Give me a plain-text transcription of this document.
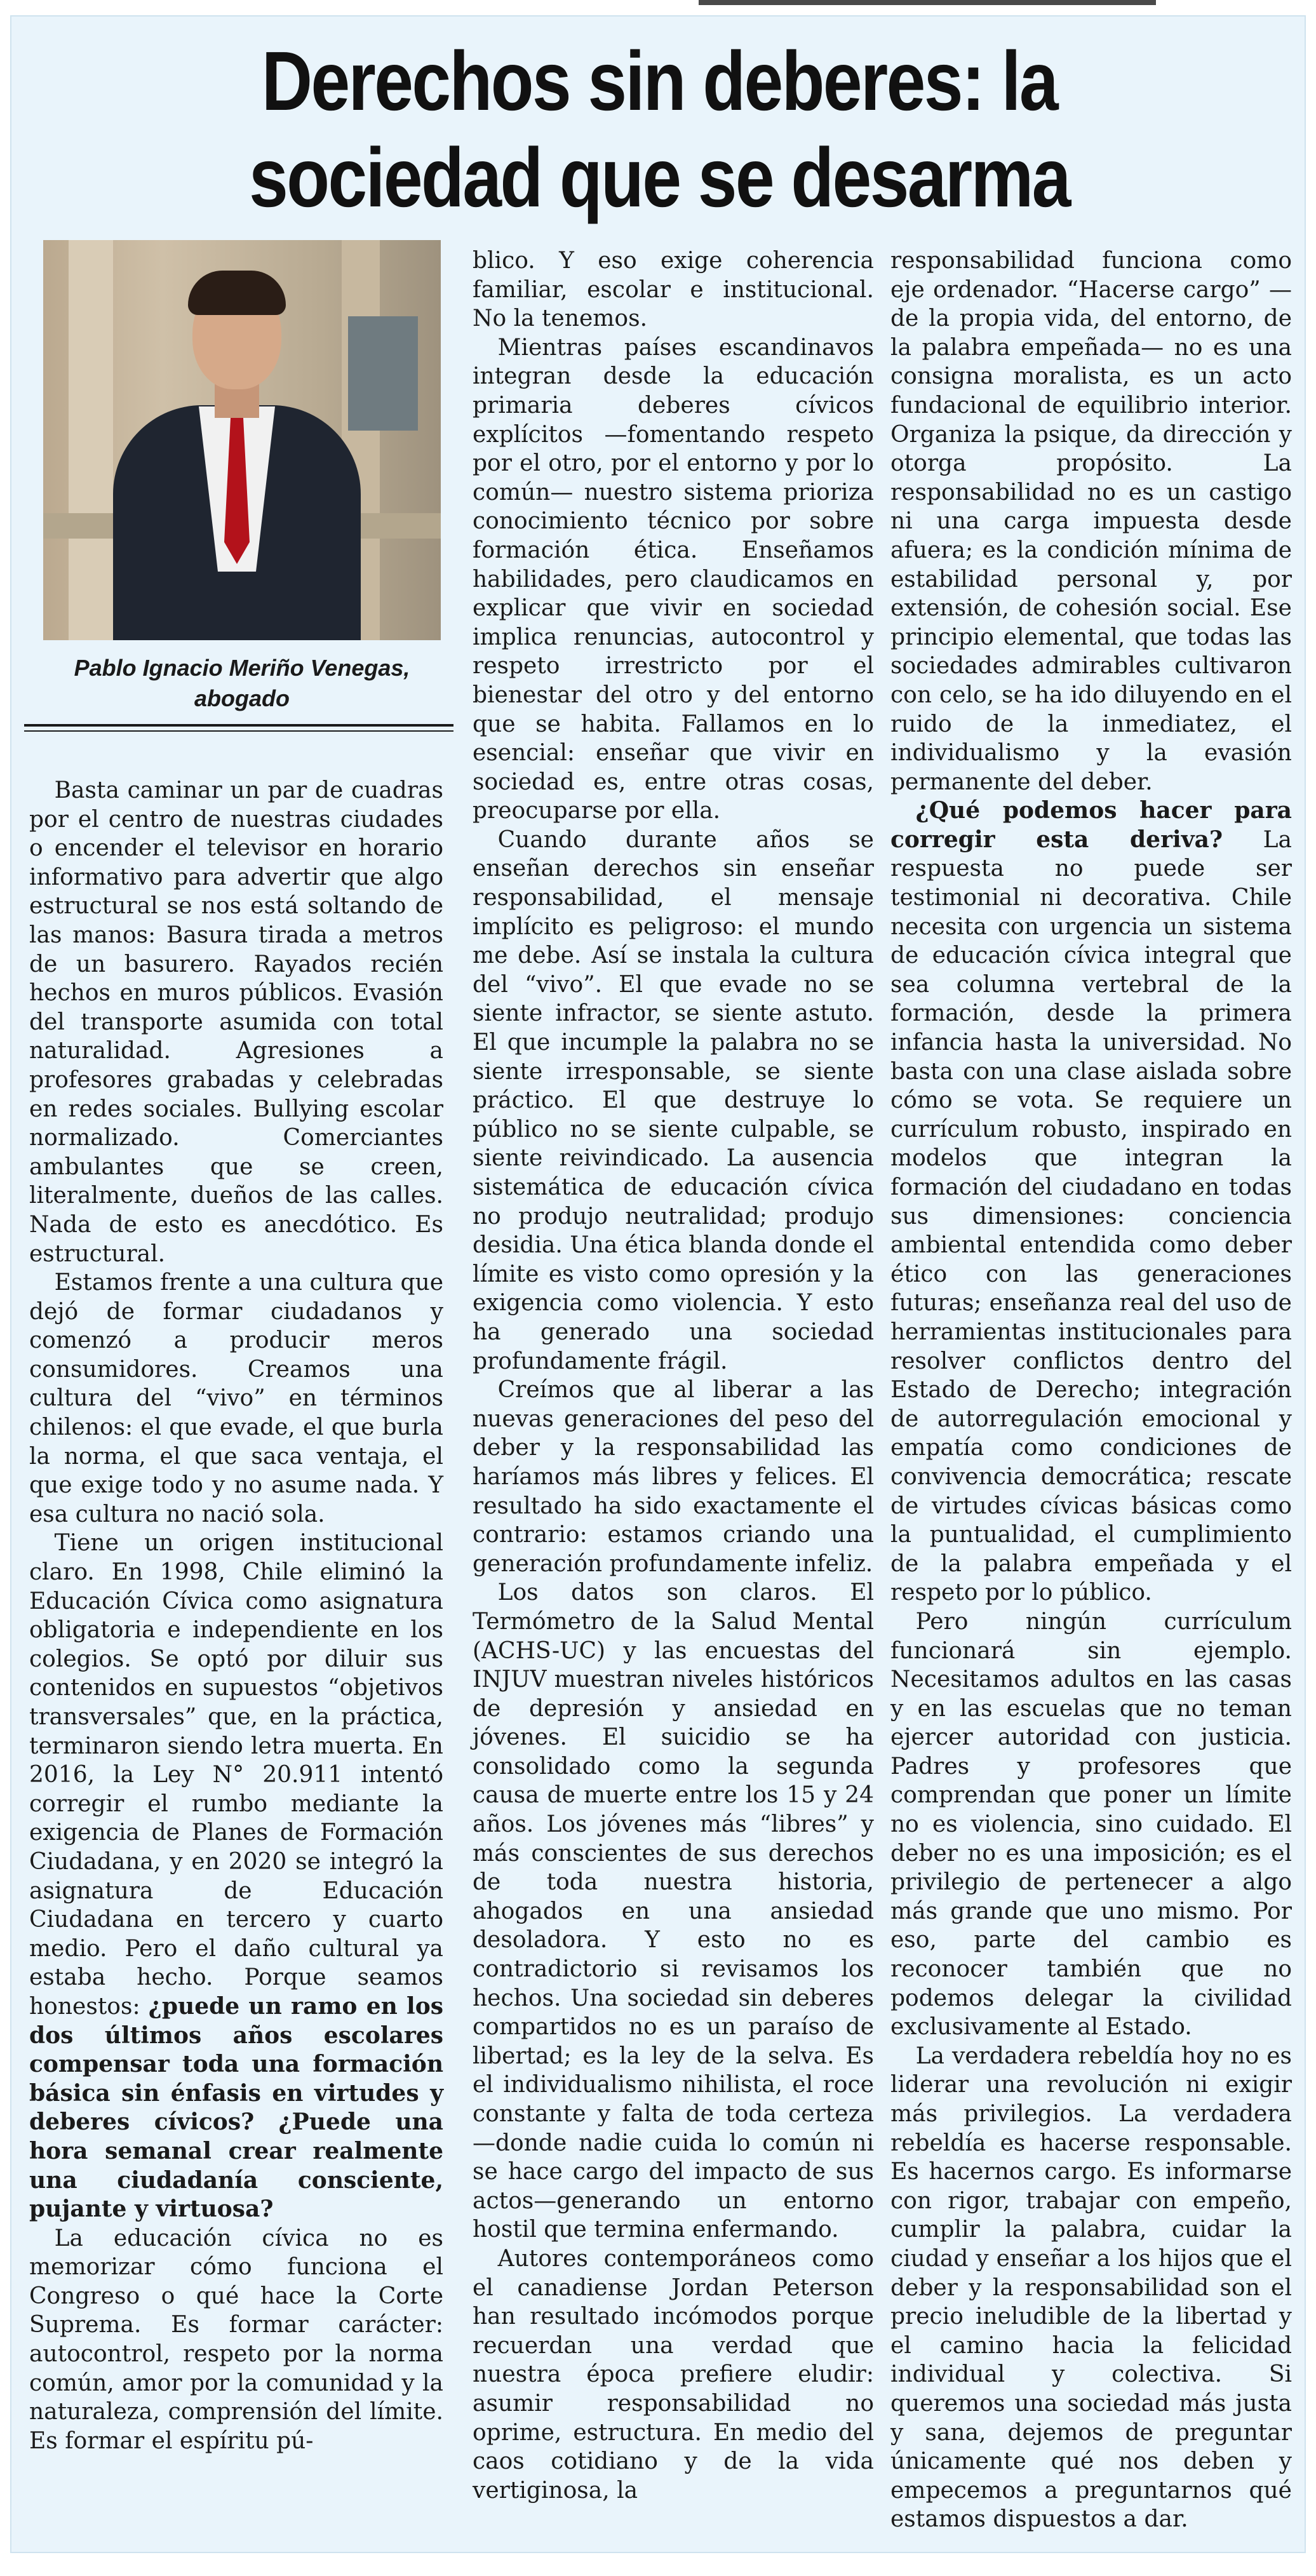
Derechos sin deberes: la sociedad que se desarma
Pablo Ignacio Meriño Venegas, abogado

Basta caminar un par de cuadras por el centro de nuestras ciudades o encender el televisor en horario informativo para advertir que algo estructural se nos está soltando de las manos: Basura tirada a metros de un basurero. Rayados recién hechos en muros públicos. Evasión del transporte asumida con total naturalidad. Agresiones a profesores grabadas y celebradas en redes sociales. Bullying escolar normalizado. Comerciantes ambulantes que se creen, literalmente, dueños de las calles. Nada de esto es anecdótico. Es estructural.

Estamos frente a una cultura que dejó de formar ciudadanos y comenzó a producir meros consumidores. Creamos una cultura del “vivo” en términos chilenos: el que evade, el que burla la norma, el que saca ventaja, el que exige todo y no asume nada. Y esa cultura no nació sola.

Tiene un origen institucional claro. En 1998, Chile eliminó la Educación Cívica como asignatura obligatoria e independiente en los colegios. Se optó por diluir sus contenidos en supuestos “objetivos transversales” que, en la práctica, terminaron siendo letra muerta. En 2016, la Ley N° 20.911 intentó corregir el rumbo mediante la exigencia de Planes de Formación Ciudadana, y en 2020 se integró la asignatura de Educación Ciudadana en tercero y cuarto medio. Pero el daño cultural ya estaba hecho. Porque seamos honestos: ¿puede un ramo en los dos últimos años escolares compensar toda una formación básica sin énfasis en virtudes y deberes cívicos? ¿Puede una hora semanal crear realmente una ciudadanía consciente, pujante y virtuosa?

La educación cívica no es memorizar cómo funciona el Congreso o qué hace la Corte Suprema. Es formar carácter: autocontrol, respeto por la norma común, amor por la comunidad y la naturaleza, comprensión del límite. Es formar el espíritu pú-

blico. Y eso exige coherencia familiar, escolar e institucional. No la tenemos.

Mientras países escandinavos integran desde la educación primaria deberes cívicos explícitos —fomentando respeto por el otro, por el entorno y por lo común— nuestro sistema prioriza conocimiento técnico por sobre formación ética. Enseñamos habilidades, pero claudicamos en explicar que vivir en sociedad implica renuncias, autocontrol y respeto irrestricto por el bienestar del otro y del entorno que se habita. Fallamos en lo esencial: enseñar que vivir en sociedad es, entre otras cosas, preocuparse por ella.

Cuando durante años se enseñan derechos sin enseñar responsabilidad, el mensaje implícito es peligroso: el mundo me debe. Así se instala la cultura del “vivo”. El que evade no se siente infractor, se siente astuto. El que incumple la palabra no se siente irresponsable, se siente práctico. El que destruye lo público no se siente culpable, se siente reivindicado. La ausencia sistemática de educación cívica no produjo neutralidad; produjo desidia. Una ética blanda donde el límite es visto como opresión y la exigencia como violencia. Y esto ha generado una sociedad profundamente frágil.

Creímos que al liberar a las nuevas generaciones del peso del deber y la responsabilidad las haríamos más libres y felices. El resultado ha sido exactamente el contrario: estamos criando una generación profundamente infeliz.

Los datos son claros. El Termómetro de la Salud Mental (ACHS-UC) y las encuestas del INJUV muestran niveles históricos de depresión y ansiedad en jóvenes. El suicidio se ha consolidado como la segunda causa de muerte entre los 15 y 24 años. Los jóvenes más “libres” y más conscientes de sus derechos de toda nuestra historia, ahogados en una ansiedad desoladora. Y esto no es contradictorio si revisamos los hechos. Una sociedad sin deberes compartidos no es un paraíso de libertad; es la ley de la selva. Es el individualismo nihilista, el roce constante y falta de toda certeza—donde nadie cuida lo común ni se hace cargo del impacto de sus actos—generando un entorno hostil que termina enfermando.

Autores contemporáneos como el canadiense Jordan Peterson han resultado incómodos porque recuerdan una verdad que nuestra época prefiere eludir: asumir responsabilidad no oprime, estructura. En medio del caos cotidiano y de la vida vertiginosa, la

responsabilidad funciona como eje ordenador. “Hacerse cargo” —de la propia vida, del entorno, de la palabra empeñada— no es una consigna moralista, es un acto fundacional de equilibrio interior. Organiza la psique, da dirección y otorga propósito. La responsabilidad no es un castigo ni una carga impuesta desde afuera; es la condición mínima de estabilidad personal y, por extensión, de cohesión social. Ese principio elemental, que todas las sociedades admirables cultivaron con celo, se ha ido diluyendo en el ruido de la inmediatez, el individualismo y la evasión permanente del deber.

¿Qué podemos hacer para corregir esta deriva? La respuesta no puede ser testimonial ni decorativa. Chile necesita con urgencia un sistema de educación cívica integral que sea columna vertebral de la formación, desde la primera infancia hasta la universidad. No basta con una clase aislada sobre cómo se vota. Se requiere un currículum robusto, inspirado en modelos que integran la formación del ciudadano en todas sus dimensiones: conciencia ambiental entendida como deber ético con las generaciones futuras; enseñanza real del uso de herramientas institucionales para resolver conflictos dentro del Estado de Derecho; integración de autorregulación emocional y empatía como condiciones de convivencia democrática; rescate de virtudes cívicas básicas como la puntualidad, el cumplimiento de la palabra empeñada y el respeto por lo público.

Pero ningún currículum funcionará sin ejemplo. Necesitamos adultos en las casas y en las escuelas que no teman ejercer autoridad con justicia. Padres y profesores que comprendan que poner un límite no es violencia, sino cuidado. El deber no es una imposición; es el privilegio de pertenecer a algo más grande que uno mismo. Por eso, parte del cambio es reconocer también que no podemos delegar la civilidad exclusivamente al Estado.

La verdadera rebeldía hoy no es liderar una revolución ni exigir más privilegios. La verdadera rebeldía es hacerse responsable. Es hacernos cargo. Es informarse con rigor, trabajar con empeño, cumplir la palabra, cuidar la ciudad y enseñar a los hijos que el deber y la responsabilidad son el precio ineludible de la libertad y el camino hacia la felicidad individual y colectiva. Si queremos una sociedad más justa y sana, dejemos de preguntar únicamente qué nos deben y empecemos a preguntarnos qué estamos dispuestos a dar.
